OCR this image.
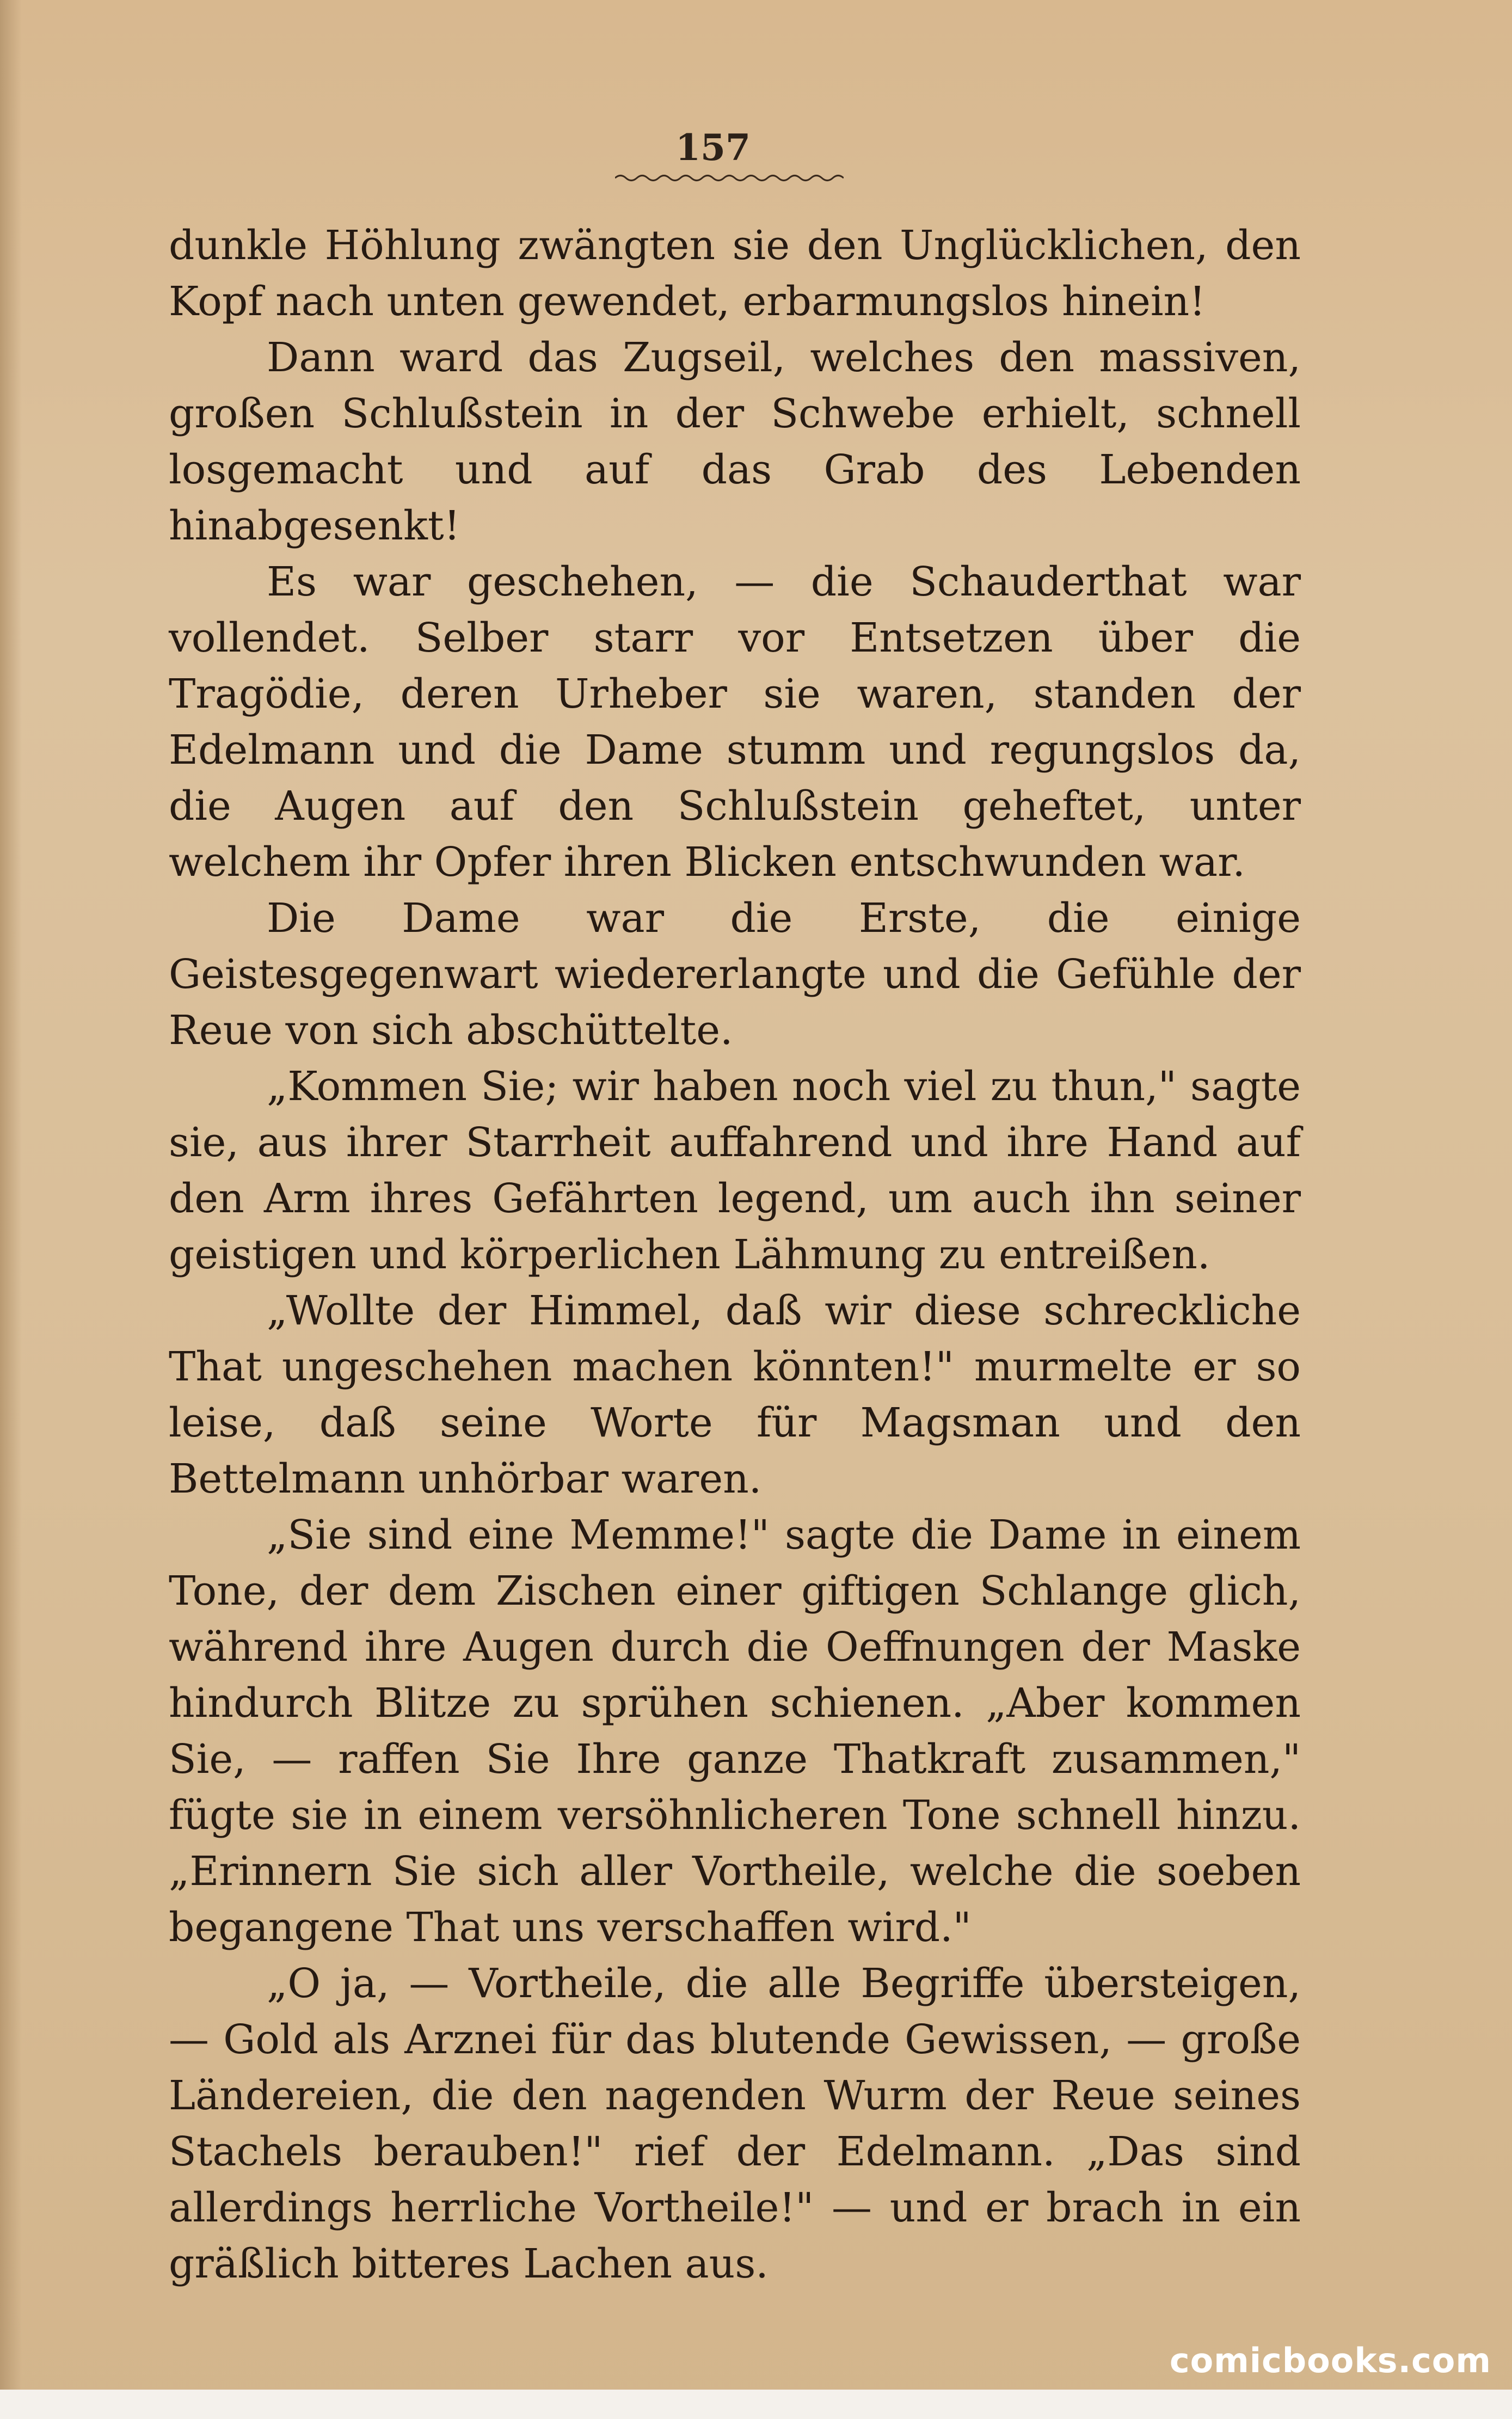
157

dunkle Höhlung zwängten sie den Unglücklichen, den Kopf nach unten gewendet, erbarmungslos hinein!

Dann ward das Zugseil, welches den massiven, großen Schlußstein in der Schwebe erhielt, schnell losgemacht und auf das Grab des Lebenden hinabgesenkt!

Es war geschehen, — die Schauderthat war vollendet. Selber starr vor Entsetzen über die Tragödie, deren Urheber sie waren, standen der Edelmann und die Dame stumm und regungslos da, die Augen auf den Schlußstein geheftet, unter welchem ihr Opfer ihren Blicken entschwunden war.

Die Dame war die Erste, die einige Geistesgegenwart wiedererlangte und die Gefühle der Reue von sich abschüttelte.

„Kommen Sie; wir haben noch viel zu thun," sagte sie, aus ihrer Starrheit auffahrend und ihre Hand auf den Arm ihres Gefährten legend, um auch ihn seiner geistigen und körperlichen Lähmung zu entreißen.

„Wollte der Himmel, daß wir diese schreckliche That ungeschehen machen könnten!" murmelte er so leise, daß seine Worte für Magsman und den Bettelmann unhörbar waren.

„Sie sind eine Memme!" sagte die Dame in einem Tone, der dem Zischen einer giftigen Schlange glich, während ihre Augen durch die Oeffnungen der Maske hindurch Blitze zu sprühen schienen. „Aber kommen Sie, — raffen Sie Ihre ganze Thatkraft zusammen," fügte sie in einem versöhnlicheren Tone schnell hinzu. „Erinnern Sie sich aller Vortheile, welche die soeben begangene That uns verschaffen wird."

„O ja, — Vortheile, die alle Begriffe übersteigen, — Gold als Arznei für das blutende Gewissen, — große Ländereien, die den nagenden Wurm der Reue seines Stachels berauben!" rief der Edelmann. „Das sind allerdings herrliche Vortheile!" — und er brach in ein gräßlich bitteres Lachen aus.

comicbooks.com
